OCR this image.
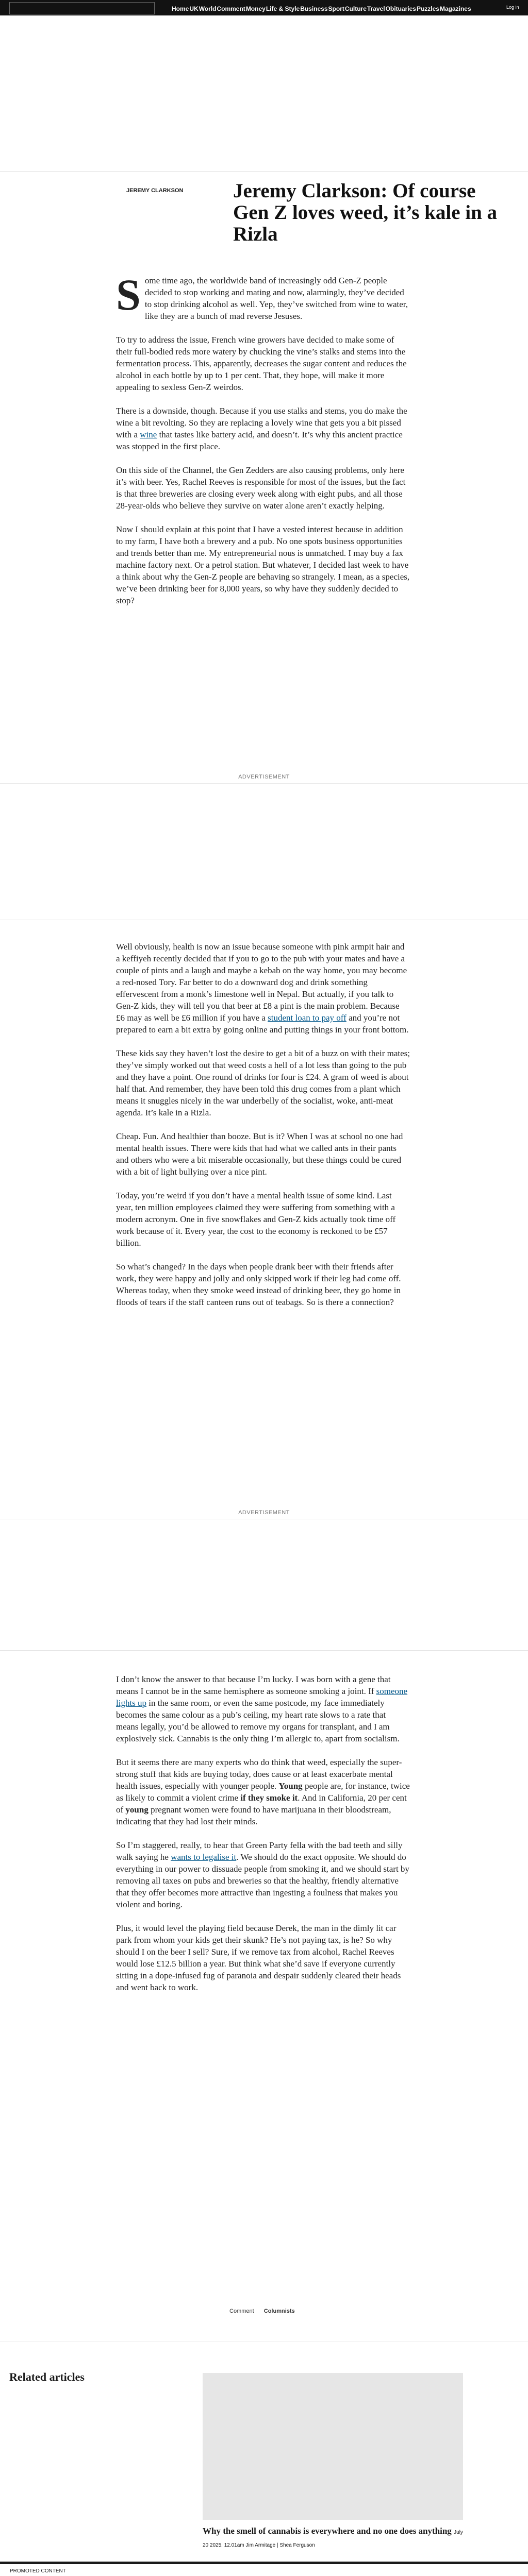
HomeUKWorldCommentMoneyLife & StyleBusinessSportCultureTravelObituariesPuzzlesMagazines	Log in
JEREMY CLARKSON Jeremy Clarkson: Of course Gen Z loves weed, it’s kale in a Rizla

Some time ago, the worldwide band of increasingly odd Gen-Z people decided to stop working and mating and now, alarmingly, they’ve decided to stop drinking alcohol as well. Yep, they’ve switched from wine to water, like they are a bunch of mad reverse Jesuses.

To try to address the issue, French wine growers have decided to make some of their full-bodied reds more watery by chucking the vine’s stalks and stems into the fermentation process. This, apparently, decreases the sugar content and reduces the alcohol in each bottle by up to 1 per cent. That, they hope, will make it more appealing to sexless Gen-Z weirdos.

There is a downside, though. Because if you use stalks and stems, you do make the wine a bit revolting. So they are replacing a lovely wine that gets you a bit pissed with a wine that tastes like battery acid, and doesn’t. It’s why this ancient practice was stopped in the first place.

On this side of the Channel, the Gen Zedders are also causing problems, only here it’s with beer. Yes, Rachel Reeves is responsible for most of the issues, but the fact is that three breweries are closing every week along with eight pubs, and all those 28-year-olds who believe they survive on water alone aren’t exactly helping.

Now I should explain at this point that I have a vested interest because in addition to my farm, I have both a brewery and a pub. No one spots business opportunities and trends better than me. My entrepreneurial nous is unmatched. I may buy a fax machine factory next. Or a petrol station. But whatever, I decided last week to have a think about why the Gen-Z people are behaving so strangely. I mean, as a species, we’ve been drinking beer for 8,000 years, so why have they suddenly decided to stop?

ADVERTISEMENT

Well obviously, health is now an issue because someone with pink armpit hair and a keffiyeh recently decided that if you to go to the pub with your mates and have a couple of pints and a laugh and maybe a kebab on the way home, you may become a red-nosed Tory. Far better to do a downward dog and drink something effervescent from a monk’s limestone well in Nepal. But actually, if you talk to Gen-Z kids, they will tell you that beer at £8 a pint is the main problem. Because £6 may as well be £6 million if you have a student loan to pay off and you’re not prepared to earn a bit extra by going online and putting things in your front bottom.

These kids say they haven’t lost the desire to get a bit of a buzz on with their mates; they’ve simply worked out that weed costs a hell of a lot less than going to the pub and they have a point. One round of drinks for four is £24. A gram of weed is about half that. And remember, they have been told this drug comes from a plant which means it snuggles nicely in the war underbelly of the socialist, woke, anti-meat agenda. It’s kale in a Rizla.

Cheap. Fun. And healthier than booze. But is it? When I was at school no one had mental health issues. There were kids that had what we called ants in their pants and others who were a bit miserable occasionally, but these things could be cured with a bit of light bullying over a nice pint.

Today, you’re weird if you don’t have a mental health issue of some kind. Last year, ten million employees claimed they were suffering from something with a modern acronym. One in five snowflakes and Gen-Z kids actually took time off work because of it. Every year, the cost to the economy is reckoned to be £57 billion.

So what’s changed? In the days when people drank beer with their friends after work, they were happy and jolly and only skipped work if their leg had come off. Whereas today, when they smoke weed instead of drinking beer, they go home in floods of tears if the staff canteen runs out of teabags. So is there a connection?

ADVERTISEMENT

I don’t know the answer to that because I’m lucky. I was born with a gene that means I cannot be in the same hemisphere as someone smoking a joint. If someone lights up in the same room, or even the same postcode, my face immediately becomes the same colour as a pub’s ceiling, my heart rate slows to a rate that means legally, you’d be allowed to remove my organs for transplant, and I am explosively sick. Cannabis is the only thing I’m allergic to, apart from socialism.

But it seems there are many experts who do think that weed, especially the super-strong stuff that kids are buying today, does cause or at least exacerbate mental health issues, especially with younger people. Young people are, for instance, twice as likely to commit a violent crime if they smoke it. And in California, 20 per cent of young pregnant women were found to have marijuana in their bloodstream, indicating that they had lost their minds.

So I’m staggered, really, to hear that Green Party fella with the bad teeth and silly walk saying he wants to legalise it. We should do the exact opposite. We should do everything in our power to dissuade people from smoking it, and we should start by removing all taxes on pubs and breweries so that the healthy, friendly alternative that they offer becomes more attractive than ingesting a foulness that makes you violent and boring.

Plus, it would level the playing field because Derek, the man in the dimly lit car park from whom your kids get their skunk? He’s not paying tax, is he? So why should I on the beer I sell? Sure, if we remove tax from alcohol, Rachel Reeves would lose £12.5 billion a year. But think what she’d save if everyone currently sitting in a dope-infused fug of paranoia and despair suddenly cleared their heads and went back to work.

Comment Columnists
Related articles
Why the smell of cannabis is everywhere and no one does anything July 20 2025, 12.01am Jim Armitage | Shea Ferguson
PROMOTED CONTENT
